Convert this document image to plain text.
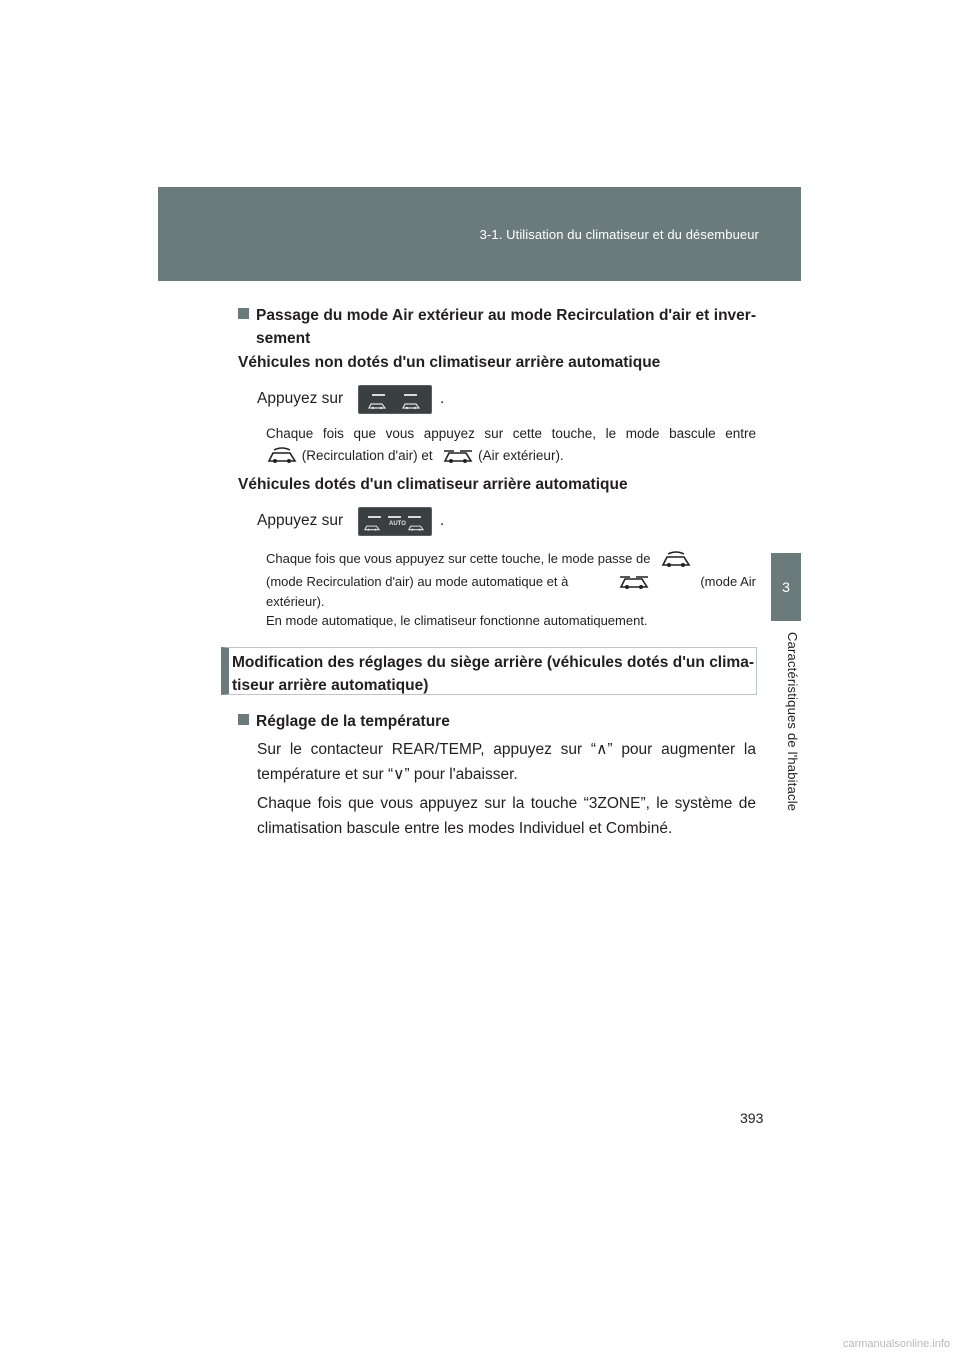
3-1. Utilisation du climatiseur et du désembueur
3
Caractéristiques de l'habitacle
Passage du mode Air extérieur au mode Recirculation d'air et inver-
sement
Véhicules non dotés d'un climatiseur arrière automatique
Appuyez sur	.
Chaque fois que vous appuyez sur cette touche, le mode bascule entre
(Recirculation d'air) et	(Air extérieur).
Véhicules dotés d'un climatiseur arrière automatique
Appuyez sur	AUTO .
Chaque fois que vous appuyez sur cette touche, le mode passe de
(mode Recirculation d'air) au mode automatique et à	(mode Air
extérieur).
En mode automatique, le climatiseur fonctionne automatiquement.
Modification des réglages du siège arrière (véhicules dotés d'un clima-
tiseur arrière automatique)
Réglage de la température
Sur le contacteur REAR/TEMP, appuyez sur “∧” pour augmenter la
température et sur “∨” pour l'abaisser.
Chaque fois que vous appuyez sur la touche “3ZONE”, le système de
climatisation bascule entre les modes Individuel et Combiné.
393
carmanualsonline.info
